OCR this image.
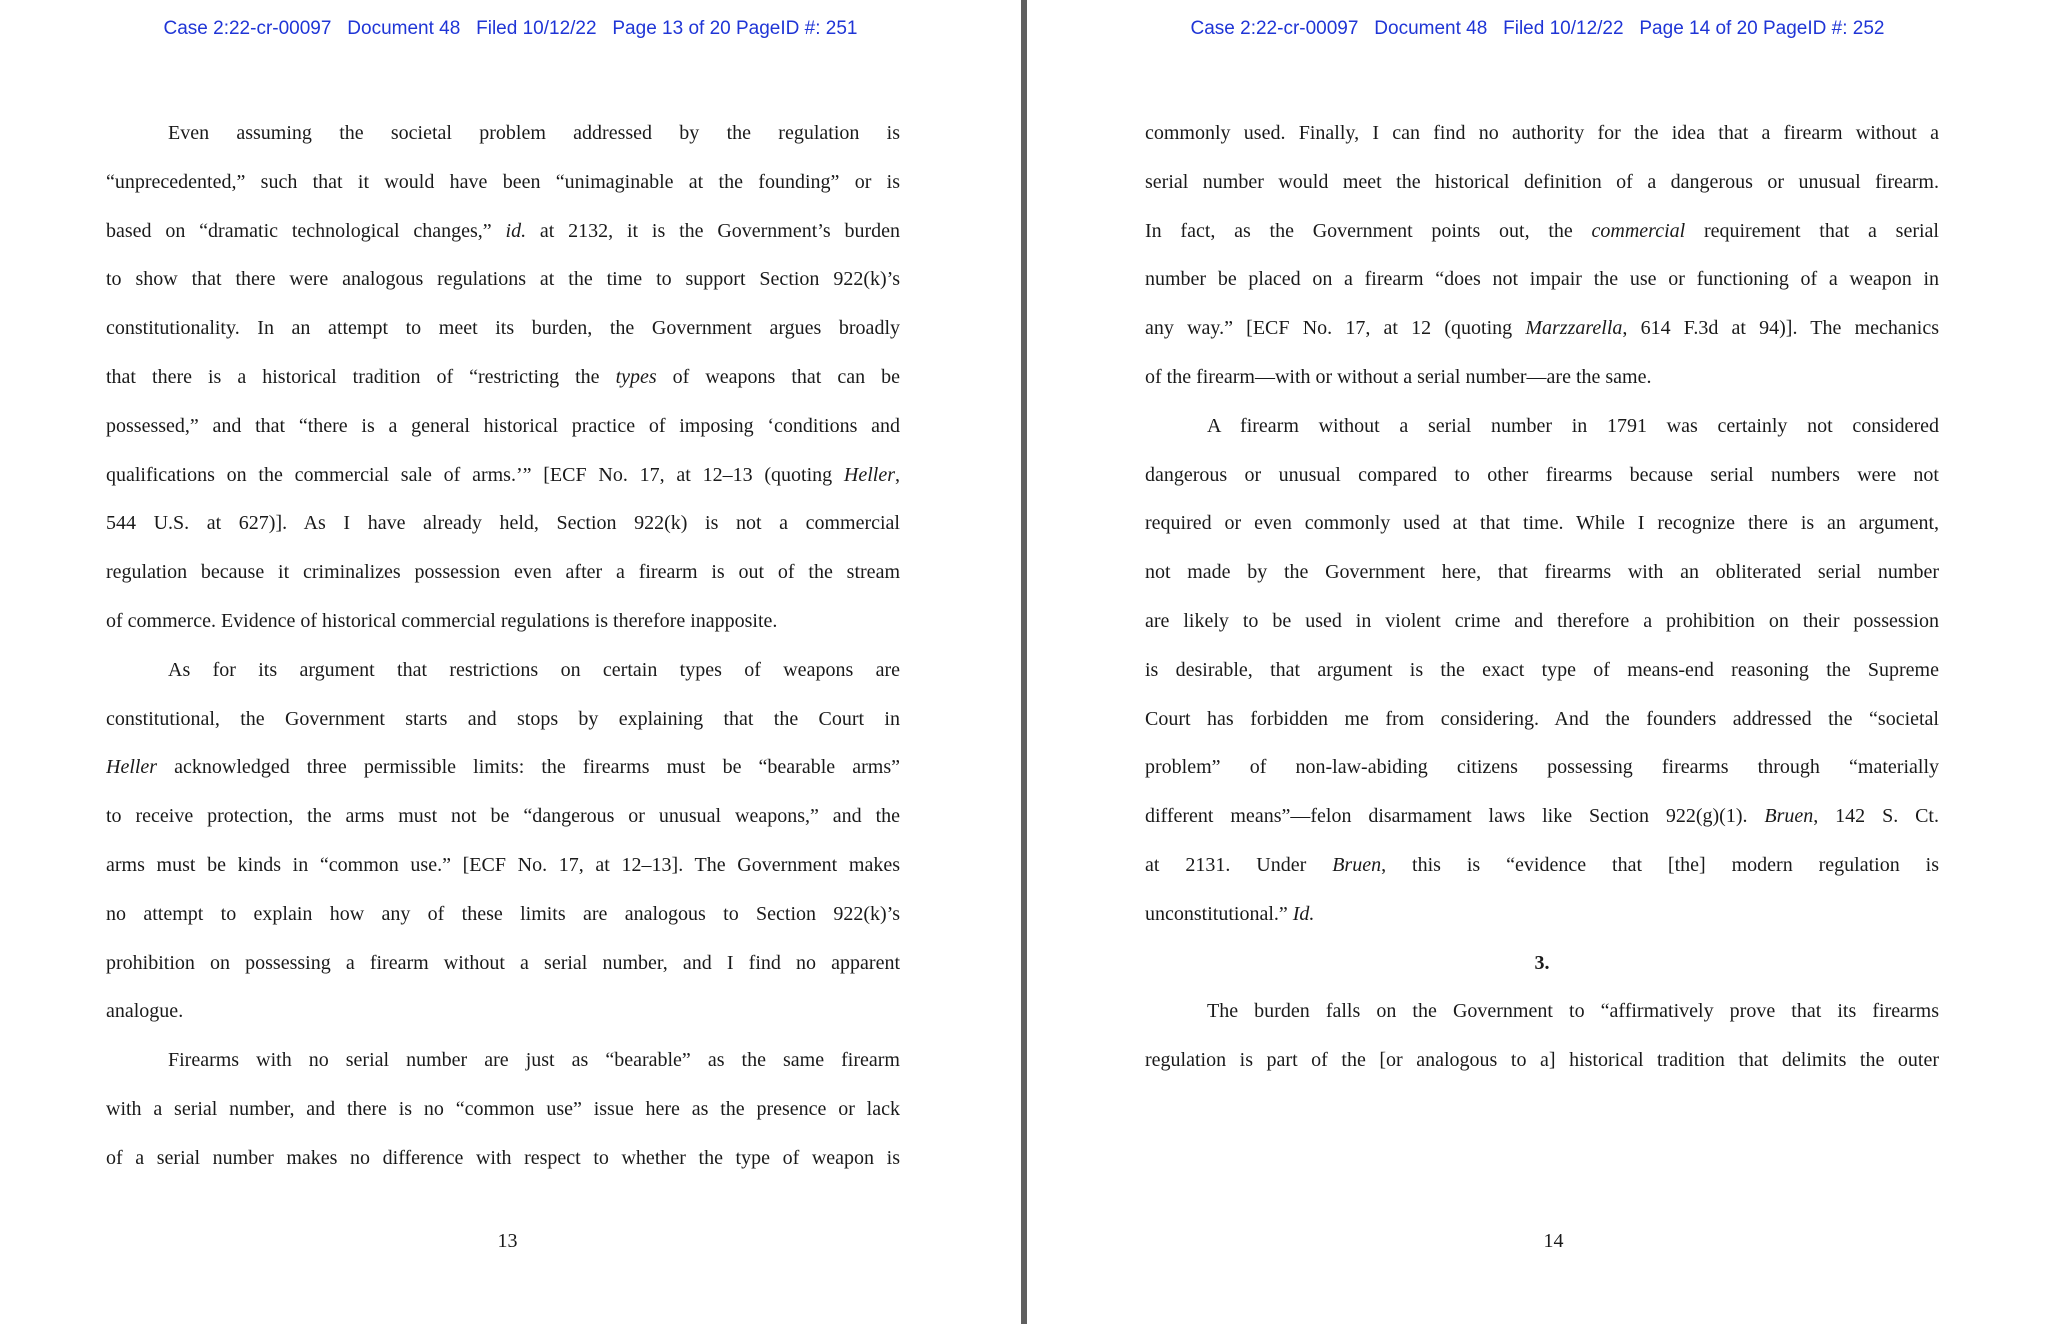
Case 2:22-cr-00097   Document 48   Filed 10/12/22   Page 13 of 20 PageID #: 251
Even assuming the societal problem addressed by the regulation is
“unprecedented,” such that it would have been “unimaginable at the founding” or is
based on “dramatic technological changes,” id. at 2132, it is the Government’s burden
to show that there were analogous regulations at the time to support Section 922(k)’s
constitutionality. In an attempt to meet its burden, the Government argues broadly
that there is a historical tradition of “restricting the types of weapons that can be
possessed,” and that “there is a general historical practice of imposing ‘conditions and
qualifications on the commercial sale of arms.’” [ECF No. 17, at 12–13 (quoting Heller,
544 U.S. at 627)]. As I have already held, Section 922(k) is not a commercial
regulation because it criminalizes possession even after a firearm is out of the stream
of commerce. Evidence of historical commercial regulations is therefore inapposite.
As for its argument that restrictions on certain types of weapons are
constitutional, the Government starts and stops by explaining that the Court in
Heller acknowledged three permissible limits: the firearms must be “bearable arms”
to receive protection, the arms must not be “dangerous or unusual weapons,” and the
arms must be kinds in “common use.” [ECF No. 17, at 12–13]. The Government makes
no attempt to explain how any of these limits are analogous to Section 922(k)’s
prohibition on possessing a firearm without a serial number, and I find no apparent
analogue.
Firearms with no serial number are just as “bearable” as the same firearm
with a serial number, and there is no “common use” issue here as the presence or lack
of a serial number makes no difference with respect to whether the type of weapon is
13
Case 2:22-cr-00097   Document 48   Filed 10/12/22   Page 14 of 20 PageID #: 252
commonly used. Finally, I can find no authority for the idea that a firearm without a
serial number would meet the historical definition of a dangerous or unusual firearm.
In fact, as the Government points out, the commercial requirement that a serial
number be placed on a firearm “does not impair the use or functioning of a weapon in
any way.” [ECF No. 17, at 12 (quoting Marzzarella, 614 F.3d at 94)]. The mechanics
of the firearm—with or without a serial number—are the same.
A firearm without a serial number in 1791 was certainly not considered
dangerous or unusual compared to other firearms because serial numbers were not
required or even commonly used at that time. While I recognize there is an argument,
not made by the Government here, that firearms with an obliterated serial number
are likely to be used in violent crime and therefore a prohibition on their possession
is desirable, that argument is the exact type of means-end reasoning the Supreme
Court has forbidden me from considering. And the founders addressed the “societal
problem” of non-law-abiding citizens possessing firearms through “materially
different means”—felon disarmament laws like Section 922(g)(1). Bruen, 142 S. Ct.
at 2131. Under Bruen, this is “evidence that [the] modern regulation is
unconstitutional.” Id.
3.
The burden falls on the Government to “affirmatively prove that its firearms
regulation is part of the [or analogous to a] historical tradition that delimits the outer
14
